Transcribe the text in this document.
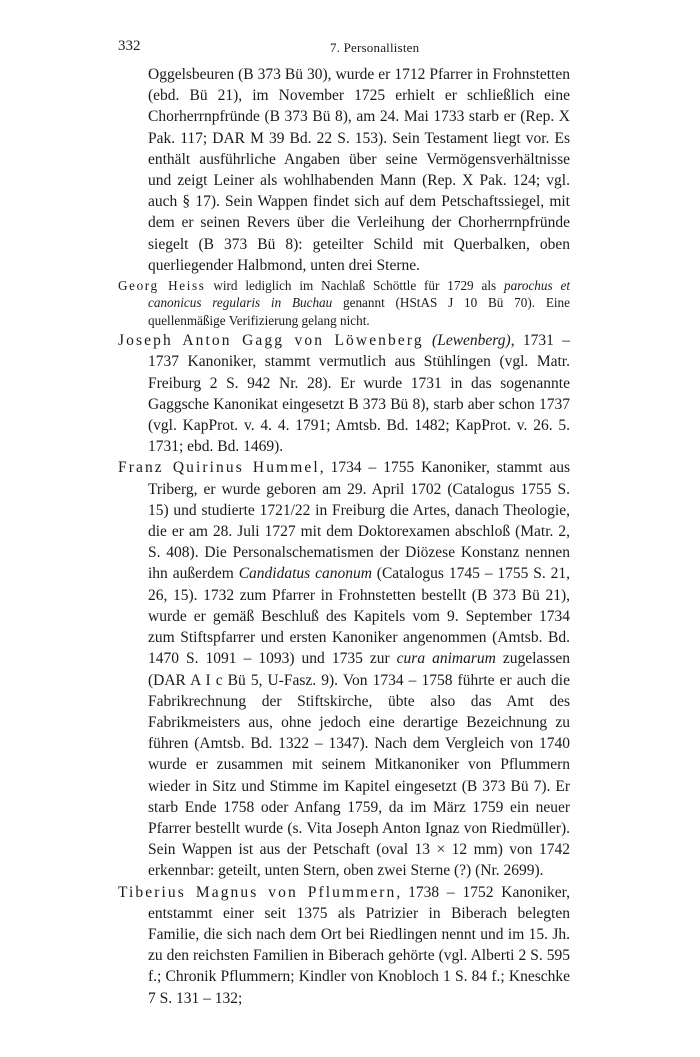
332	7. Personallisten

Oggelsbeuren (B 373 Bü 30), wurde er 1712 Pfarrer in Frohnstetten (ebd. Bü 21), im November 1725 erhielt er schließlich eine Chorherrnpfründe (B 373 Bü 8), am 24. Mai 1733 starb er (Rep. X Pak. 117; DAR M 39 Bd. 22 S. 153). Sein Testament liegt vor. Es enthält ausführliche Angaben über seine Vermögensverhältnisse und zeigt Leiner als wohlhabenden Mann (Rep. X Pak. 124; vgl. auch § 17). Sein Wappen findet sich auf dem Petschaftssiegel, mit dem er seinen Revers über die Verleihung der Chorherrnpfründe siegelt (B 373 Bü 8): geteilter Schild mit Querbalken, oben querliegender Halbmond, unten drei Sterne.

Georg Heiss wird lediglich im Nachlaß Schöttle für 1729 als parochus et canonicus regularis in Buchau genannt (HStAS J 10 Bü 70). Eine quellenmäßige Verifizierung gelang nicht.

Joseph Anton Gagg von Löwenberg (Lewenberg), 1731 – 1737 Kanoniker, stammt vermutlich aus Stühlingen (vgl. Matr. Freiburg 2 S. 942 Nr. 28). Er wurde 1731 in das sogenannte Gaggsche Kanonikat eingesetzt B 373 Bü 8), starb aber schon 1737 (vgl. KapProt. v. 4. 4. 1791; Amtsb. Bd. 1482; KapProt. v. 26. 5. 1731; ebd. Bd. 1469).

Franz Quirinus Hummel, 1734 – 1755 Kanoniker, stammt aus Triberg, er wurde geboren am 29. April 1702 (Catalogus 1755 S. 15) und studierte 1721/22 in Freiburg die Artes, danach Theologie, die er am 28. Juli 1727 mit dem Doktorexamen abschloß (Matr. 2, S. 408). Die Personalschematismen der Diözese Konstanz nennen ihn außerdem Candidatus canonum (Catalogus 1745 – 1755 S. 21, 26, 15). 1732 zum Pfarrer in Frohnstetten bestellt (B 373 Bü 21), wurde er gemäß Beschluß des Kapitels vom 9. September 1734 zum Stiftspfarrer und ersten Kanoniker angenommen (Amtsb. Bd. 1470 S. 1091 – 1093) und 1735 zur cura animarum zugelassen (DAR A I c Bü 5, U-Fasz. 9). Von 1734 – 1758 führte er auch die Fabrikrechnung der Stiftskirche, übte also das Amt des Fabrikmeisters aus, ohne jedoch eine derartige Bezeichnung zu führen (Amtsb. Bd. 1322 – 1347). Nach dem Vergleich von 1740 wurde er zusammen mit seinem Mitkanoniker von Pflummern wieder in Sitz und Stimme im Kapitel eingesetzt (B 373 Bü 7). Er starb Ende 1758 oder Anfang 1759, da im März 1759 ein neuer Pfarrer bestellt wurde (s. Vita Joseph Anton Ignaz von Riedmüller). Sein Wappen ist aus der Petschaft (oval 13 × 12 mm) von 1742 erkennbar: geteilt, unten Stern, oben zwei Sterne (?) (Nr. 2699).

Tiberius Magnus von Pflummern, 1738 – 1752 Kanoniker, entstammt einer seit 1375 als Patrizier in Biberach belegten Familie, die sich nach dem Ort bei Riedlingen nennt und im 15. Jh. zu den reichsten Familien in Biberach gehörte (vgl. Alberti 2 S. 595 f.; Chronik Pflummern; Kindler von Knobloch 1 S. 84 f.; Kneschke 7 S. 131 – 132;
